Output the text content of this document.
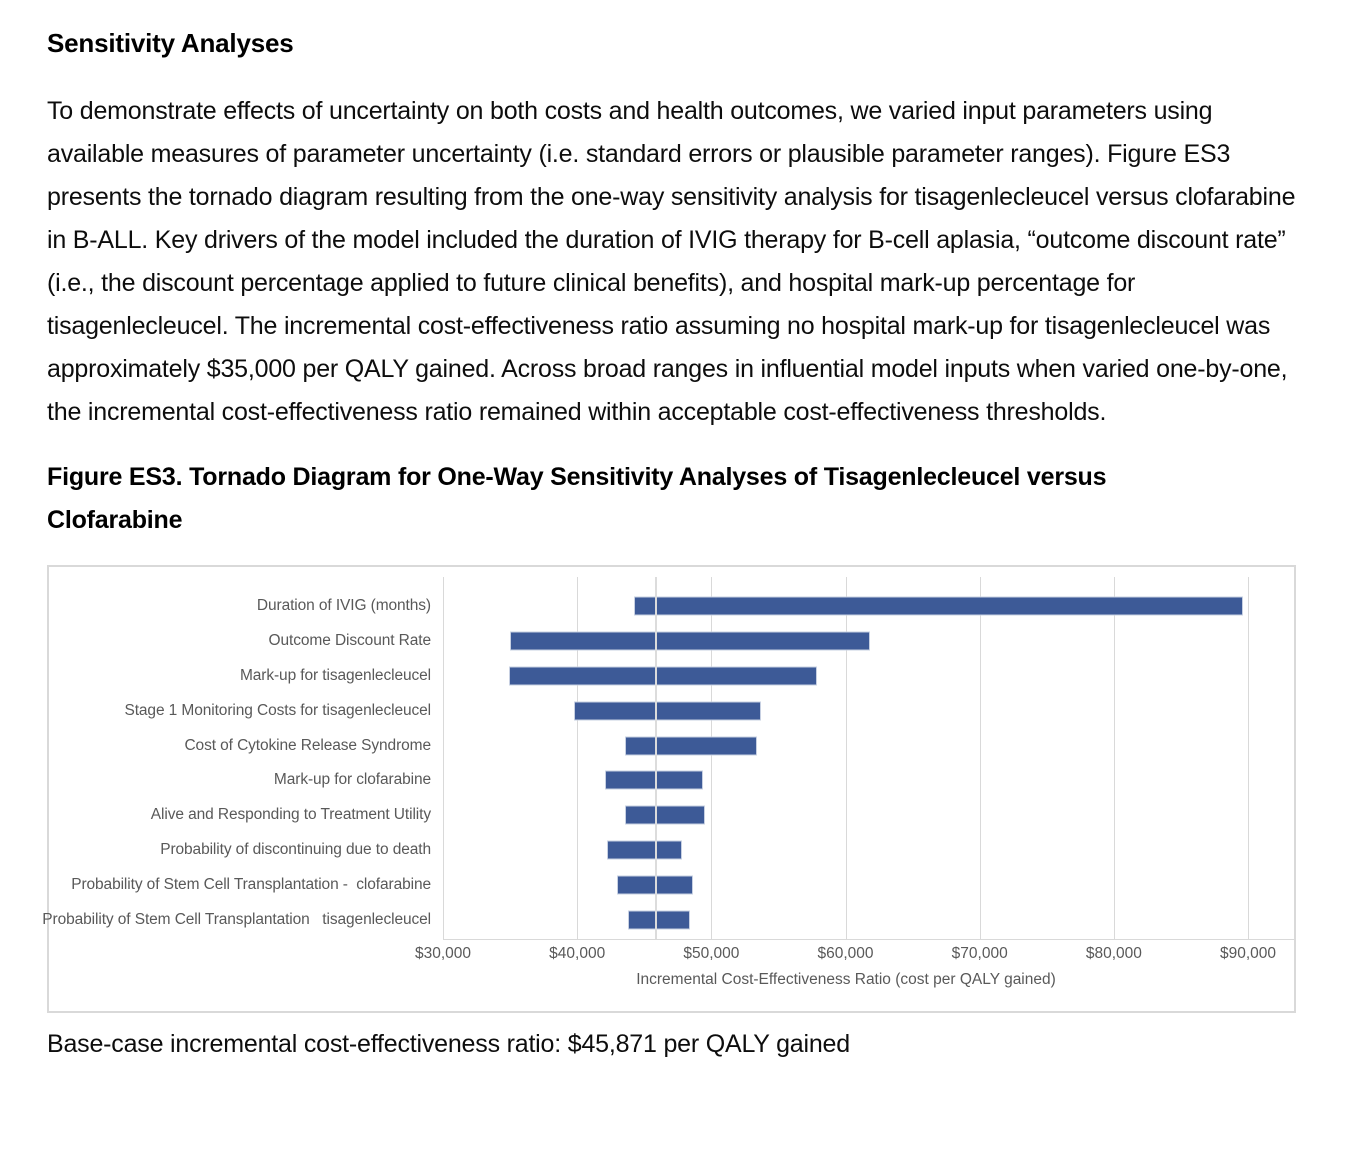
Sensitivity Analyses

To demonstrate effects of uncertainty on both costs and health outcomes, we varied input parameters using available measures of parameter uncertainty (i.e. standard errors or plausible parameter ranges). Figure ES3 presents the tornado diagram resulting from the one-way sensitivity analysis for tisagenlecleucel versus clofarabine in B-ALL. Key drivers of the model included the duration of IVIG therapy for B-cell aplasia, “outcome discount rate” (i.e., the discount percentage applied to future clinical benefits), and hospital mark-up percentage for tisagenlecleucel. The incremental cost-effectiveness ratio assuming no hospital mark-up for tisagenlecleucel was approximately $35,000 per QALY gained. Across broad ranges in influential model inputs when varied one-by-one, the incremental cost-effectiveness ratio remained within acceptable cost-effectiveness thresholds.

Figure ES3. Tornado Diagram for One-Way Sensitivity Analyses of Tisagenlecleucel versus Clofarabine
Duration of IVIG (months)
Outcome Discount Rate
Mark-up for tisagenlecleucel
Stage 1 Monitoring Costs for tisagenlecleucel
Cost of Cytokine Release Syndrome
Mark-up for clofarabine
Alive and Responding to Treatment Utility
Probability of discontinuing due to death
Probability of Stem Cell Transplantation -  clofarabine
Probability of Stem Cell Transplantation   tisagenlecleucel
$30,000	$40,000	$50,000	$60,000	$70,000	$80,000	$90,000
Incremental Cost-Effectiveness Ratio (cost per QALY gained)

Base-case incremental cost-effectiveness ratio: $45,871 per QALY gained
